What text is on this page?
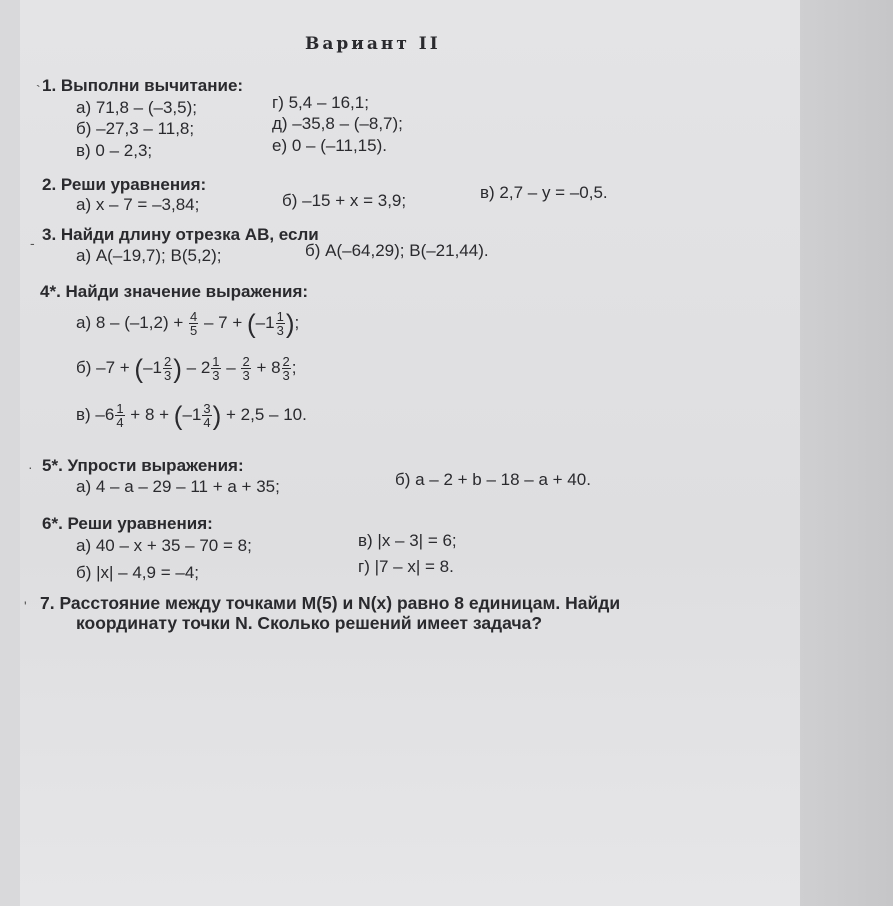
Вариант II
`
-
·
'
1. Выполни вычитание:
а) 71,8 – (–3,5);	г) 5,4 – 16,1;
б) –27,3 – 11,8;	д) –35,8 – (–8,7);
в) 0 – 2,3;	е) 0 – (–11,15).
2. Реши уравнения:
а) х – 7 = –3,84;	б) –15 + х = 3,9;	в) 2,7 – у = –0,5.
3. Найди длину отрезка АВ, если
а) А(–19,7); В(5,2);	б) А(–64,29); В(–21,44).
4*. Найди значение выражения:
а) $8 - (-1,2) + \frac{4}{5} - 7 + (-1 \frac{1}{3}$ );
б) $-7 + (-1 \frac{2}{3}$ ) – $2 \frac{1}{3} - \frac{2}{3} + 8 \frac{2}{3}$ ;
в) $-6 \frac{1}{4} + 8 + (-1 \frac{3}{4}$ ) + 2,5 – 10.
5*. Упрости выражения:
а) 4 – а – 29 – 11 + а + 35;	б) а – 2 + b – 18 – а + 40.
6*. Реши уравнения:
а) 40 – х + 35 – 70 = 8;	в) |х – 3| = 6;
б) |х| – 4,9 = –4;	г) |7 – х| = 8.
7. Расстояние между точками М(5) и N(х) равно 8 единицам. Найди
координату точки N. Сколько решений имеет задача?
